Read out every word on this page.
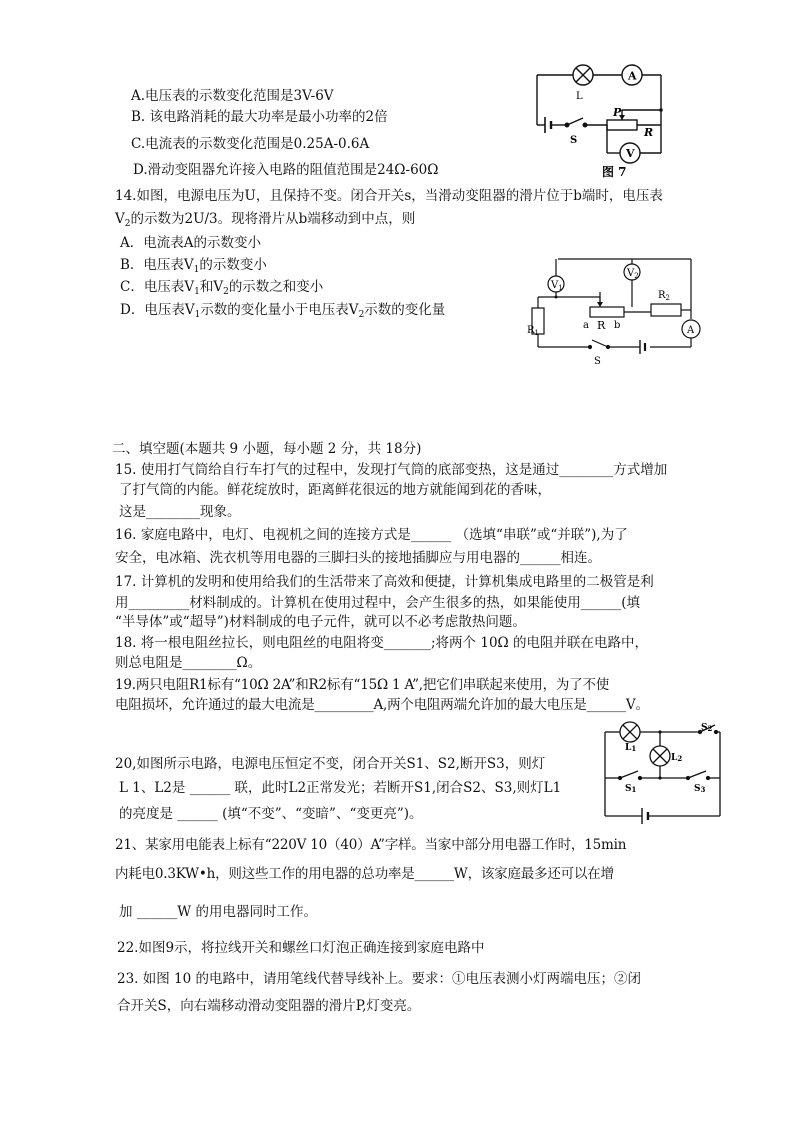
A.电压表的示数变化范围是3V-6V
B. 该电路消耗的最大功率是最小功率的2倍
C.电流表的示数变化范围是0.25A-0.6A
D.滑动变阻器允许接入电路的阻值范围是24Ω-60Ω
L
A
P
R
S
V
图 7
14.如图，电源电压为U，且保持不变。闭合开关s，当滑动变阻器的滑片位于b端时，电压表
$V_2$的示数为2U/3。现将滑片从b端移动到中点，则
A．电流表A的示数变小
B．电压表$V_1$的示数变小
C．电压表$V_1$和$V_2$的示数之和变小
D．电压表$V_1$示数的变化量小于电压表$V_2$示数的变化量
$V_1$
$V_2$
$R_2$
$R_1$
a R b	A
S
二、填空题(本题共 9 小题，每小题 2 分，共 18分)
15. 使用打气筒给自行车打气的过程中，发现打气筒的底部变热，这是通过________方式增加
了打气筒的内能。鲜花绽放时，距离鲜花很远的地方就能闻到花的香味，
这是________现象。
16. 家庭电路中，电灯、电视机之间的连接方式是______ （选填“串联”或“并联”),为了
安全，电冰箱、洗衣机等用电器的三脚扫头的接地插脚应与用电器的______相连。
17. 计算机的发明和使用给我们的生活带来了高效和便捷，计算机集成电路里的二极管是利
用_________材料制成的。计算机在使用过程中，会产生很多的热，如果能使用______(填
“半导体”或“超导”)材料制成的电子元件，就可以不必考虑散热问题。
18. 将一根电阻丝拉长，则电阻丝的电阻将变_______;将两个 10Ω 的电阻并联在电路中，
则总电阻是________Ω。
19.两只电阻R1标有“10Ω 2A”和R2标有“15Ω 1 A”,把它们串联起来使用，为了不使
电阻损坏，允许通过的最大电流是_________A,两个电阻两端允许加的最大电压是______V。
20,如图所示电路，电源电压恒定不变，闭合开关S1、S2,断开S3，则灯
L 1、L2是 ______ 联，此时L2正常发光；若断开S1,闭合S2、S3,则灯L1
的亮度是 ______ (填“不变”、“变暗”、“变更亮”)。
L1
L2
S2
S1	S3
21、某家用电能表上标有“220V 10（40）A”字样。当家中部分用电器工作时，15min
内耗电0.3KW•h，则这些工作的用电器的总功率是______W，该家庭最多还可以在增
加 ______W 的用电器同时工作。
22.如图9示，将拉线开关和螺丝口灯泡正确连接到家庭电路中
23. 如图 10 的电路中，请用笔线代替导线补上。要求：①电压表测小灯两端电压；②闭
合开关S，向右端移动滑动变阻器的滑片P,灯变亮。
